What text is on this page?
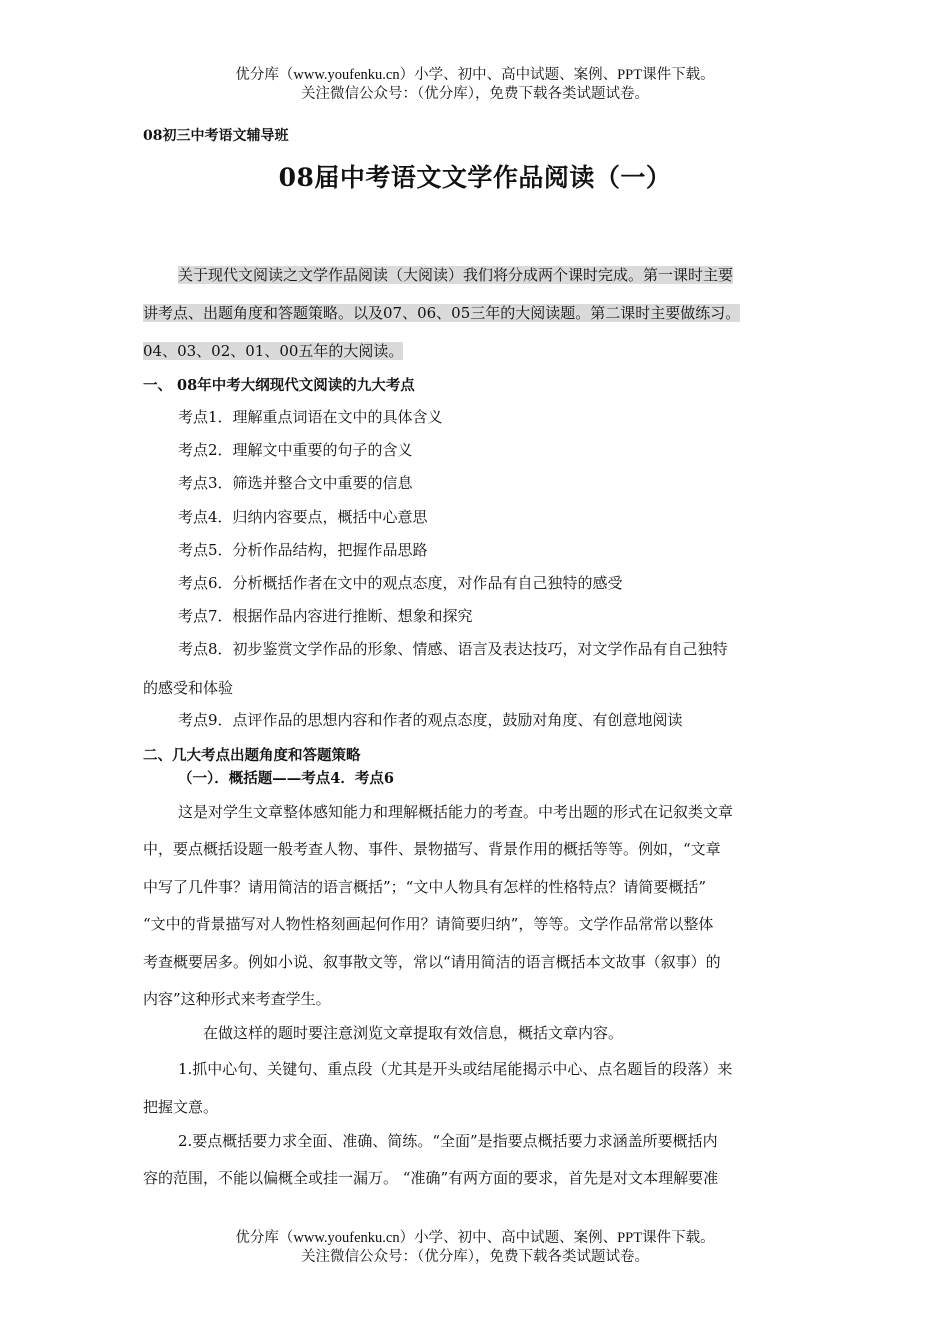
优分库（www.youfenku.cn）小学、初中、高中试题、案例、PPT课件下载。
关注微信公众号：（优分库），免费下载各类试题试卷。
08初三中考语文辅导班
08届中考语文文学作品阅读（一）
关于现代文阅读之文学作品阅读（大阅读）我们将分成两个课时完成。第一课时主要
讲考点、出题角度和答题策略。以及07、06、05三年的大阅读题。第二课时主要做练习。
04、03、02、01、00五年的大阅读。
一、 08年中考大纲现代文阅读的九大考点
考点1．理解重点词语在文中的具体含义
考点2．理解文中重要的句子的含义
考点3．筛选并整合文中重要的信息
考点4．归纳内容要点，概括中心意思
考点5．分析作品结构，把握作品思路
考点6．分析概括作者在文中的观点态度，对作品有自己独特的感受
考点7．根据作品内容进行推断、想象和探究
考点8．初步鉴赏文学作品的形象、情感、语言及表达技巧，对文学作品有自己独特
的感受和体验
考点9．点评作品的思想内容和作者的观点态度，鼓励对角度、有创意地阅读
二、几大考点出题角度和答题策略
（一）．概括题——考点4．考点6
这是对学生文章整体感知能力和理解概括能力的考查。中考出题的形式在记叙类文章
中，要点概括设题一般考查人物、事件、景物描写、背景作用的概括等等。例如，“文章
中写了几件事？请用简洁的语言概括”；“文中人物具有怎样的性格特点？请简要概括”
“文中的背景描写对人物性格刻画起何作用？请简要归纳”，等等。文学作品常常以整体
考查概要居多。例如小说、叙事散文等，常以“请用简洁的语言概括本文故事（叙事）的
内容”这种形式来考查学生。
在做这样的题时要注意浏览文章提取有效信息，概括文章内容。
1.抓中心句、关键句、重点段（尤其是开头或结尾能揭示中心、点名题旨的段落）来
把握文意。
2.要点概括要力求全面、准确、简练。“全面”是指要点概括要力求涵盖所要概括内
容的范围，不能以偏概全或挂一漏万。 “准确”有两方面的要求，首先是对文本理解要准
优分库（www.youfenku.cn）小学、初中、高中试题、案例、PPT课件下载。
关注微信公众号：（优分库），免费下载各类试题试卷。
